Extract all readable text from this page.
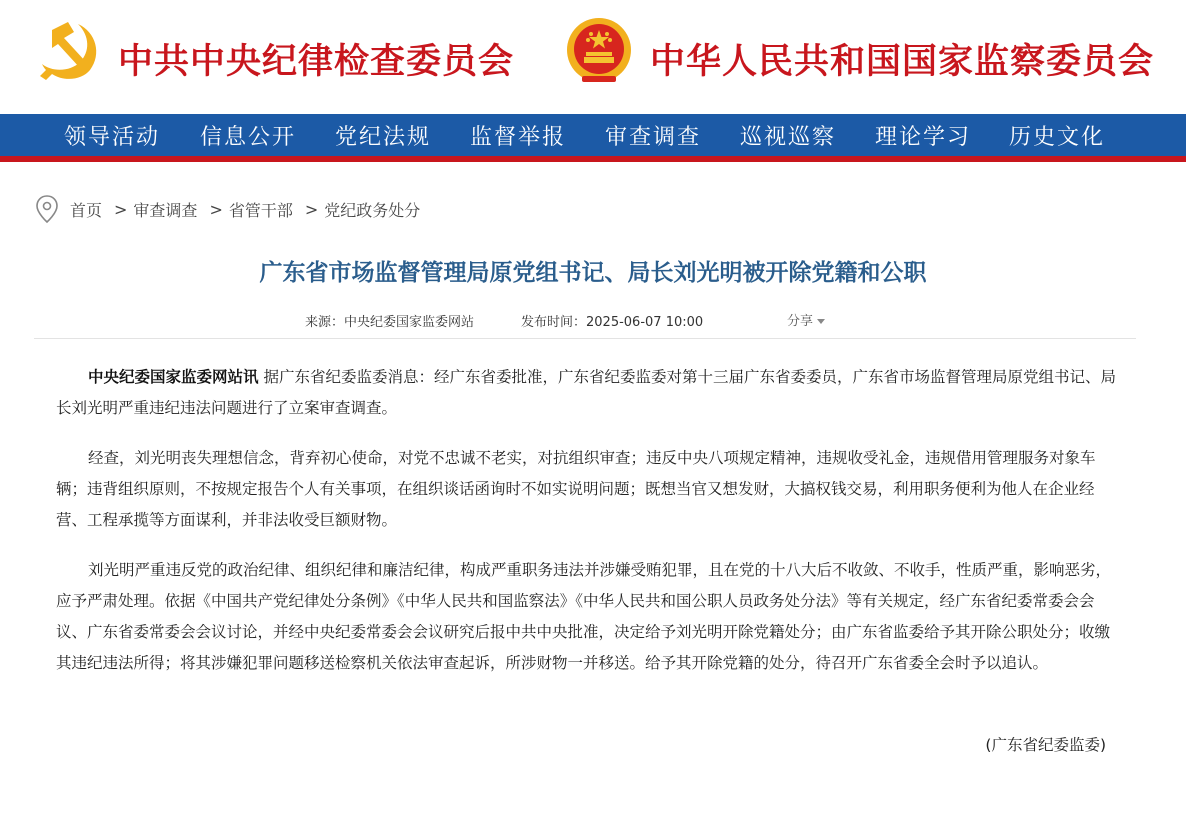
中共中央纪律检查委员会	中华人民共和国国家监察委员会
领导活动 信息公开 党纪法规 监督举报 审查调查 巡视巡察 理论学习 历史文化
首页 > 审查调查 > 省管干部 > 党纪政务处分
广东省市场监督管理局原党组书记、局长刘光明被开除党籍和公职
来源：中央纪委国家监委网站	发布时间：2025-06-07 10:00	分享

中央纪委国家监委网站讯 据广东省纪委监委消息：经广东省委批准，广东省纪委监委对第十三届广东省委委员，广东省市场监督管理局原党组书记、局长刘光明严重违纪违法问题进行了立案审查调查。

经查，刘光明丧失理想信念，背弃初心使命，对党不忠诚不老实，对抗组织审查；违反中央八项规定精神，违规收受礼金，违规借用管理服务对象车辆；违背组织原则，不按规定报告个人有关事项，在组织谈话函询时不如实说明问题；既想当官又想发财，大搞权钱交易，利用职务便利为他人在企业经营、工程承揽等方面谋利，并非法收受巨额财物。

刘光明严重违反党的政治纪律、组织纪律和廉洁纪律，构成严重职务违法并涉嫌受贿犯罪，且在党的十八大后不收敛、不收手，性质严重，影响恶劣，应予严肃处理。依据《中国共产党纪律处分条例》《中华人民共和国监察法》《中华人民共和国公职人员政务处分法》等有关规定，经广东省纪委常委会会议、广东省委常委会会议讨论，并经中央纪委常委会会议研究后报中共中央批准，决定给予刘光明开除党籍处分；由广东省监委给予其开除公职处分；收缴其违纪违法所得；将其涉嫌犯罪问题移送检察机关依法审查起诉，所涉财物一并移送。给予其开除党籍的处分，待召开广东省委全会时予以追认。

(广东省纪委监委)
